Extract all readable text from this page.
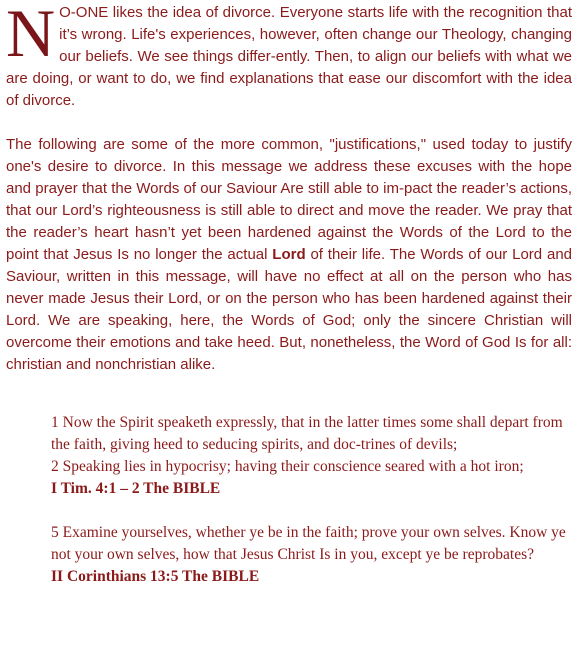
N O-ONE likes the idea of divorce. Everyone starts life with the recognition that it’s wrong. Life's experiences, however, often change our Theology, changing our beliefs. We see things differ-ently. Then, to align our beliefs with what we are doing, or want to do, we find explanations that ease our discomfort with the idea of divorce.

The following are some of the more common, "justifications," used today to justify one's desire to divorce. In this message we address these excuses with the hope and prayer that the Words of our Saviour Are still able to im-pact the reader’s actions, that our Lord’s righteousness is still able to direct and move the reader. We pray that the reader’s heart hasn’t yet been hardened against the Words of the Lord to the point that Jesus Is no longer the actual Lord of their life. The Words of our Lord and Saviour, written in this message, will have no effect at all on the person who has never made Jesus their Lord, or on the person who has been hardened against their Lord. We are speaking, here, the Words of God; only the sincere Christian will overcome their emotions and take heed. But, nonetheless, the Word of God Is for all: christian and nonchristian alike.

1 Now the Spirit speaketh expressly, that in the latter times some shall depart from the faith, giving heed to seducing spirits, and doc-trines of devils;

2 Speaking lies in hypocrisy; having their conscience seared with a hot iron;

I Tim. 4:1 – 2 The BIBLE

5 Examine yourselves, whether ye be in the faith; prove your own selves. Know ye not your own selves, how that Jesus Christ Is in you, except ye be reprobates?

II Corinthians 13:5 The BIBLE
